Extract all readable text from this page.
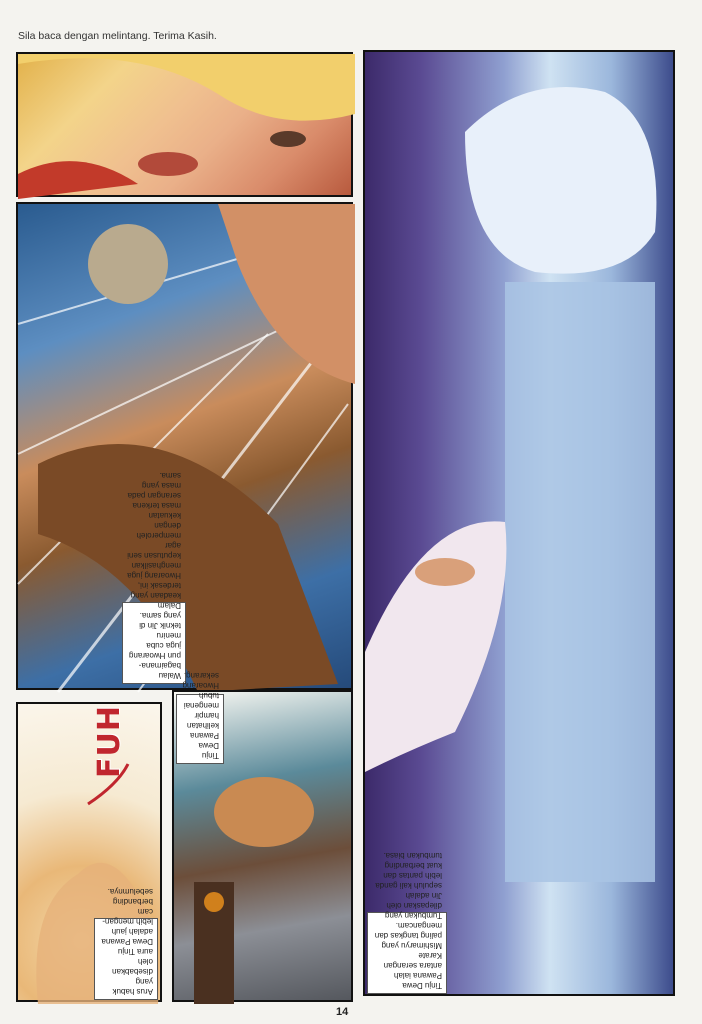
Sila baca dengan melintang. Terima Kasih.
Walau bagaimana-
pun Hwoarang
juga cuba meniru
teknik Jin di
yang sama. Dalam
keadaan yang
terdesak ini,
Hwoarang juga
menghasilkan
keputusan seni
agar memperoleh
dengan kekuatan
masa terkena
serangan pada
masa yang sama.
Arus habuk
yang
disebabkan oleh
aura Tinju
Dewa Pawana
adalah jauh
lebih mengan-
cam berbanding
sebelumnya.
FUH	Tinju Dewa
Pawana
kelihatan
hampir
mengenai
tubuh
Hwoarang
sekarang.
Tinju Dewa
Pawana ialah
antara serangan
Karate
Mishimaryu yang
paling tangkas dan
mengancam.
Tumbukan yang
dilepaskan oleh
Jin adalah
sepuluh kali ganda
lebih pantas dan
kuat berbanding
tumbukan biasa.
14
